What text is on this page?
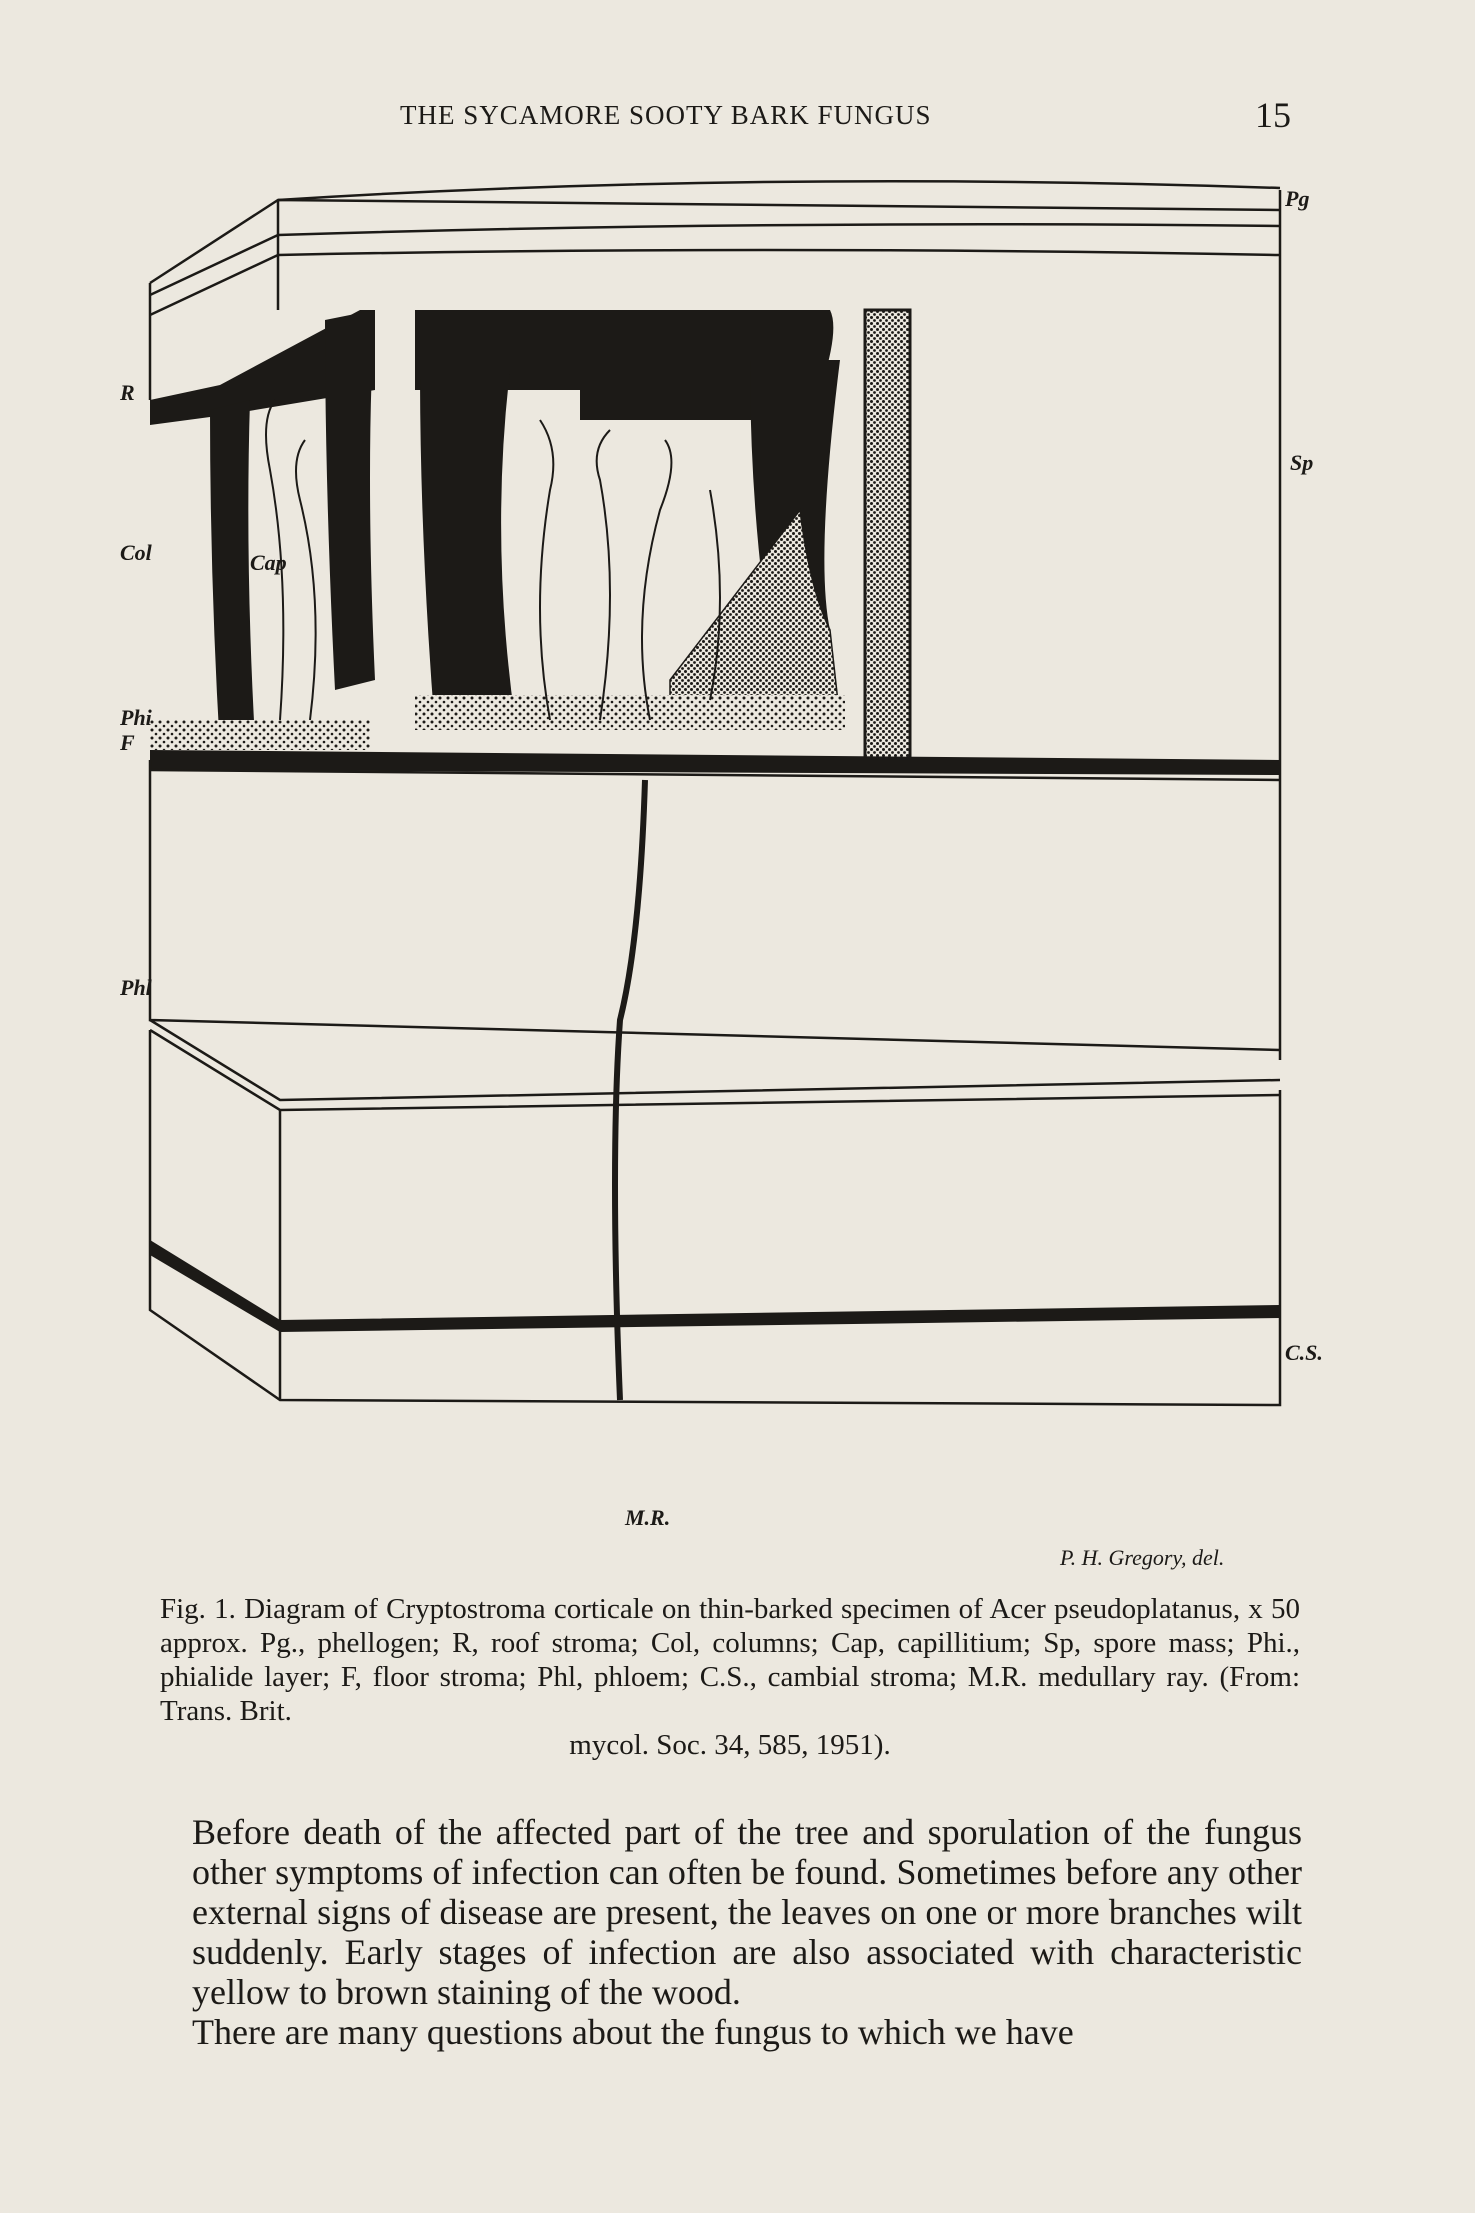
THE SYCAMORE SOOTY BARK FUNGUS	15
Pg
R
Sp
Col	Cap
Phi
F
Phl
C.S.
M.R.
P. H. Gregory, del.
Fig. 1. Diagram of Cryptostroma corticale on thin-barked specimen of Acer pseudoplatanus, x 50 approx. Pg., phellogen; R, roof stroma; Col, columns; Cap, capillitium; Sp, spore mass; Phi., phialide layer; F, floor stroma; Phl, phloem; C.S., cambial stroma; M.R. medullary ray. (From: Trans. Brit.
mycol. Soc. 34, 585, 1951).

Before death of the affected part of the tree and sporulation of the fungus other symptoms of infection can often be found. Sometimes before any other external signs of disease are present, the leaves on one or more branches wilt suddenly. Early stages of infection are also associated with characteristic yellow to brown staining of the wood.

There are many questions about the fungus to which we have
